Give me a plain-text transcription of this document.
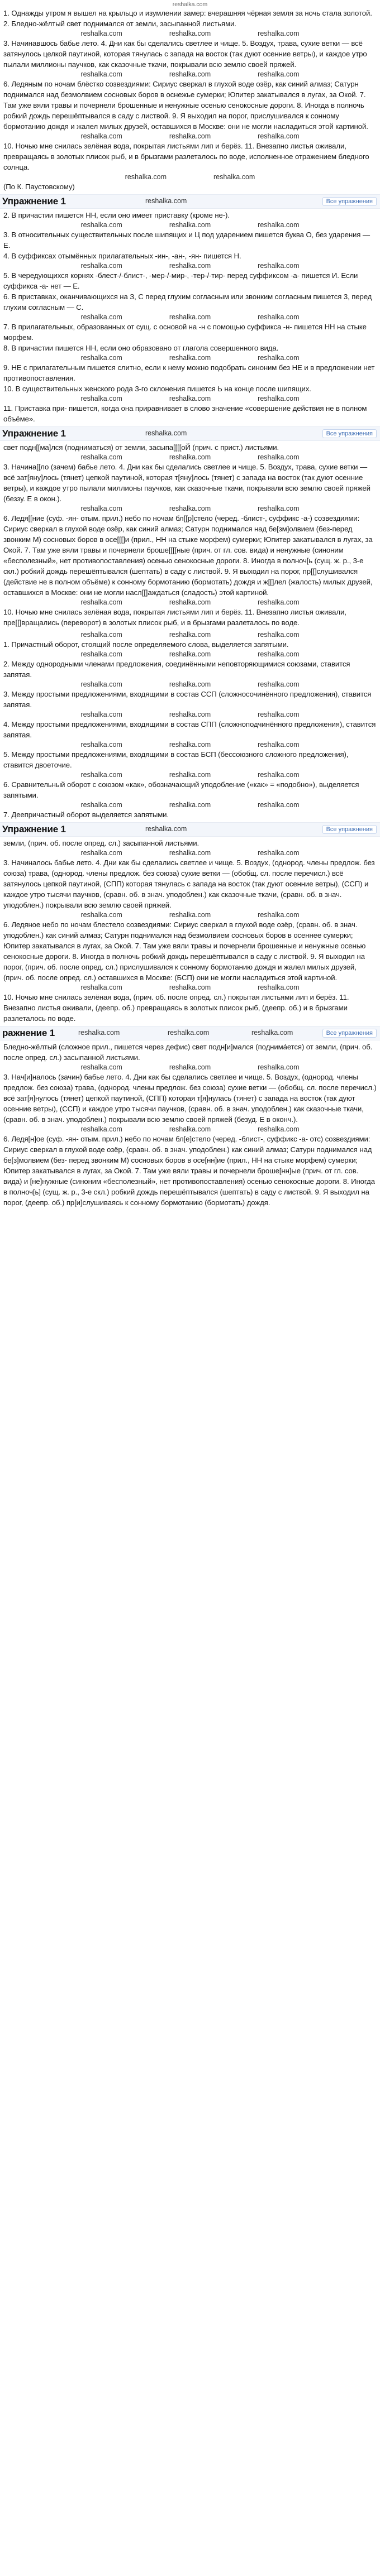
reshalka.com

1. Однажды утром я вышел на крыльцо и изумлении замер: вчерашняя чёрная земля за ночь стала золотой. 2. Бледно-жёлтый свет поднимался от земли, засыпанной листьями.

reshalka.com	reshalka.com	reshalka.com

3. Начинавшось бабье лето. 4. Дни как бы сделались светлее и чище. 5. Воздух, трава, сухие ветки — всё затянулось целкой паутиной, которая тянулась с запада на восток (так дуют осенние ветры), и каждое утро пылали миллионы паучков, как сказочные ткачи, покрывали всю землю своей пряжей.

reshalka.com	reshalka.com	reshalka.com

6. Ледяным по ночам блёстко созвездиями: Сириус сверкал в глухой воде озёр, как синий алмаз; Сатурн поднимался над безмолвием сосновых боров в оснежье сумерки; Юпитер закатывался в лугах, за Окой. 7. Там уже вяли травы и почернели брошенные и ненужные осенью сенокосные дороги. 8. Иногда в полночь робкий дождь перешёптывался в саду с листвой. 9. Я выходил на порог, прислушивался к сонному бормотанию дождя и жалел милых друзей, оставшихся в Москве: они не могли насладиться этой картиной.

reshalka.com	reshalka.com	reshalka.com

10. Ночью мне снилась зелёная вода, покрытая листьями лип и берёз. 11. Внезапно листья оживали, превращаясь в золотых плисок рыб, и в брызгами разлеталось по воде, исполненное отражением бледного солнца.

reshalka.com	reshalka.com

(По К. Паустовскому)

Упражнение 1	reshalka.com	Все упражнения

2. В причастии пишется НН, если оно имеет приставку (кроме не-).

reshalka.com	reshalka.com	reshalka.com

3. В относительных существительных после шипящих и Ц под ударением пишется буква О, без ударения — Е.

4. В суффиксах отымённых прилагательных -ин-, -ан-, -ян- пишется Н.

reshalka.com	reshalka.com	reshalka.com

5. В чередующихся корнях -блест-/-блист-, -мер-/-мир-, -тер-/-тир- перед суффиксом -а- пишется И. Если суффикса -а- нет — Е.

6. В приставках, оканчивающихся на З, С перед глухим согласным или звонким согласным пишется 3, перед глухим согласным — С.

reshalka.com	reshalka.com	reshalka.com

7. В прилагательных, образованных от сущ. с основой на -н с помощью суффикса -н- пишется НН на стыке морфем.

8. В причастии пишется НН, если оно образовано от глагола совершенного вида.

reshalka.com	reshalka.com	reshalka.com

9. НЕ с прилагательным пишется слитно, если к нему можно подобрать синоним без НЕ и в предложении нет противопоставления.

10. В существительных женского рода 3-го склонения пишется Ь на конце после шипящих.

reshalka.com	reshalka.com	reshalka.com

11. Приставка при- пишется, когда она приравнивает в слово значение «совершение действия не в полном объёме».

Упражнение 1	reshalka.com	Все упражнения

свет подн[[ма]лся (подниматься) от земли, засыпа[[[[оЙ (прич. с прист.) листьями.

reshalka.com	reshalka.com	reshalka.com

3. Начина[[ло (зачем) бабье лето. 4. Дни как бы сделались светлее и чище. 5. Воздух, трава, сухие ветки — всё зат[яну]лось (тянет) цепкой паутиной, которая т[яну]лось (тянет) с запада на восток (так дуют осенние ветры), и каждое утро пылали миллионы паучков, как сказочные ткачи, покрывали всю землю своей пряжей (беззу. Е в окон.).

reshalka.com	reshalka.com	reshalka.com

6. Ледя[[ние (суф. -ян- отым. прил.) небо по ночам бл[[р]стело (черед. -блист-, суффикс -а-) созвездиями: Сириус сверкал в глухой воде озёр, как синий алмаз; Сатурн поднимался над бе[зм]олвием (без-перед звонким М) сосновых боров в осе[[[]и (прил., НН на стыке морфем) сумерки; Юпитер закатывался в лугах, за Окой. 7. Там уже вяли травы и почернели броше[[[[ные (прич. от гл. сов. вида) и ненужные (синоним «бесполезный», нет противопоставления) осенью сенокосные дороги. 8. Иногда в полноч[ь (сущ. ж. р., 3-е скл.) робкий дождь перешёптывался (шептать) в саду с листвой. 9. Я выходил на порог, пр[[]слушивался (действие не в полном объёме) к сонному бормотанию (бормотать) дождя и ж[[]лел (жалость) милых друзей, оставшихся в Москве: они не могли насл[[]аждаться (сладость) этой картиной.

reshalka.com	reshalka.com	reshalka.com

10. Ночью мне снилась зелёная вода, покрытая листьями лип и берёз. 11. Внезапно листья оживали, пре[[]вращались (переворот) в золотых плисок рыб, и в брызгами разлеталось по воде.

reshalka.com	reshalka.com	reshalka.com

1. Причастный оборот, стоящий после определяемого слова, выделяется запятыми.

reshalka.com	reshalka.com	reshalka.com

2. Между однородными членами предложения, соединёнными неповторяющимися союзами, ставится запятая.

reshalka.com	reshalka.com	reshalka.com

3. Между простыми предложениями, входящими в состав ССП (сложносочинённого предложения), ставится запятая.

reshalka.com	reshalka.com	reshalka.com

4. Между простыми предложениями, входящими в состав СПП (сложноподчинённого предложения), ставится запятая.

reshalka.com	reshalka.com	reshalka.com

5. Между простыми предложениями, входящими в состав БСП (бессоюзного сложного предложения), ставится двоеточие.

reshalka.com	reshalka.com	reshalka.com

6. Сравнительный оборот с союзом «как», обозначающий уподобление («как» = «подобно»), выделяется запятыми.

reshalka.com	reshalka.com	reshalka.com

7. Деепричастный оборот выделяется запятыми.

Упражнение 1	reshalka.com	Все упражнения

земли, (прич. об. после опред. сл.) засыпанной листьями.

reshalka.com	reshalka.com	reshalka.com

3. Начиналось бабье лето. 4. Дни как бы сделались светлее и чище. 5. Воздух, (однород. члены предлож. без союза) трава, (однород. члены предлож. без союза) сухие ветки — (обобщ. сл. после перечисл.) всё затянулось цепкой паутиной, (СПП) которая тянулась с запада на восток (так дуют осенние ветры), (ССП) и каждое утро тысячи паучков, (сравн. об. в знач. уподоблен.) как сказочные ткачи, (сравн. об. в знач. уподоблен.) покрывали всю землю своей пряжей.

reshalka.com	reshalka.com	reshalka.com

6. Ледяное небо по ночам блестело созвездиями: Сириус сверкал в глухой воде озёр, (сравн. об. в знач. уподоблен.) как синий алмаз; Сатурн поднимался над безмолвием сосновых боров в осеннее сумерки; Юпитер закатывался в лугах, за Окой. 7. Там уже вяли травы и почернели брошенные и ненужные осенью сенокосные дороги. 8. Иногда в полночь робкий дождь перешёптывался в саду с листвой. 9. Я выходил на порог, (прич. об. после опред. сл.) прислушивался к сонному бормотанию дождя и жалел милых друзей, (прич. об. после опред. сл.) оставшихся в Москве: (БСП) они не могли насладиться этой картиной.

reshalka.com	reshalka.com	reshalka.com

10. Ночью мне снилась зелёная вода, (прич. об. после опред. сл.) покрытая листьями лип и берёз. 11. Внезапно листья оживали, (деепр. об.) превращаясь в золотых плисок рыб, (деепр. об.) и в брызгами разлеталось по воде.

ражнение 1	reshalka.com	reshalka.com	reshalka.com	Все упражнения

Бледно-жёлтый (сложное прил., пишется через дефис) свет подн[и]мался (поднима́ется) от земли, (прич. об. после опред. сл.) засыпанной листьями.

reshalka.com	reshalka.com	reshalka.com

3. Нач[и]налось (зачин) бабье лето. 4. Дни как бы сделались светлее и чище. 5. Воздух, (однород. члены предлож. без союза) трава, (однород. члены предлож. без союза) сухие ветки — (обобщ. сл. после перечисл.) всё зат[я]нулось (тянет) цепкой паутиной, (СПП) которая т[я]нулась (тянет) с запада на восток (так дуют осенние ветры), (ССП) и каждое утро тысячи паучков, (сравн. об. в знач. уподоблен.) как сказочные ткачи, (сравн. об. в знач. уподоблен.) покрывали всю землю своей пряжей (безуд. Е в оконч.).

reshalka.com	reshalka.com	reshalka.com

6. Ледя[н]ое (суф. -ян- отым. прил.) небо по ночам бл[е]стело (черед. -блист-, суффикс -а- отс) созвездиями: Сириус сверкал в глухой воде озёр, (сравн. об. в знач. уподоблен.) как синий алмаз; Сатурн поднимался над бе[з]молвием (без- перед звонким М) сосновых боров в осе[нн]ие (прил., НН на стыке морфем) сумерки; Юпитер закатывался в лугах, за Окой. 7. Там уже вяли травы и почернели броше[нн]ые (прич. от гл. сов. вида) и [не]нужные (синоним «бесполезный», нет противопоставления) осенью сенокосные дороги. 8. Иногда в полноч[ь] (сущ. ж. р., 3-е скл.) робкий дождь перешёптывался (шептать) в саду с листвой. 9. Я выходил на порог, (деепр. об.) пр[и]слушиваясь к сонному бормотанию (бормотать) дождя.
